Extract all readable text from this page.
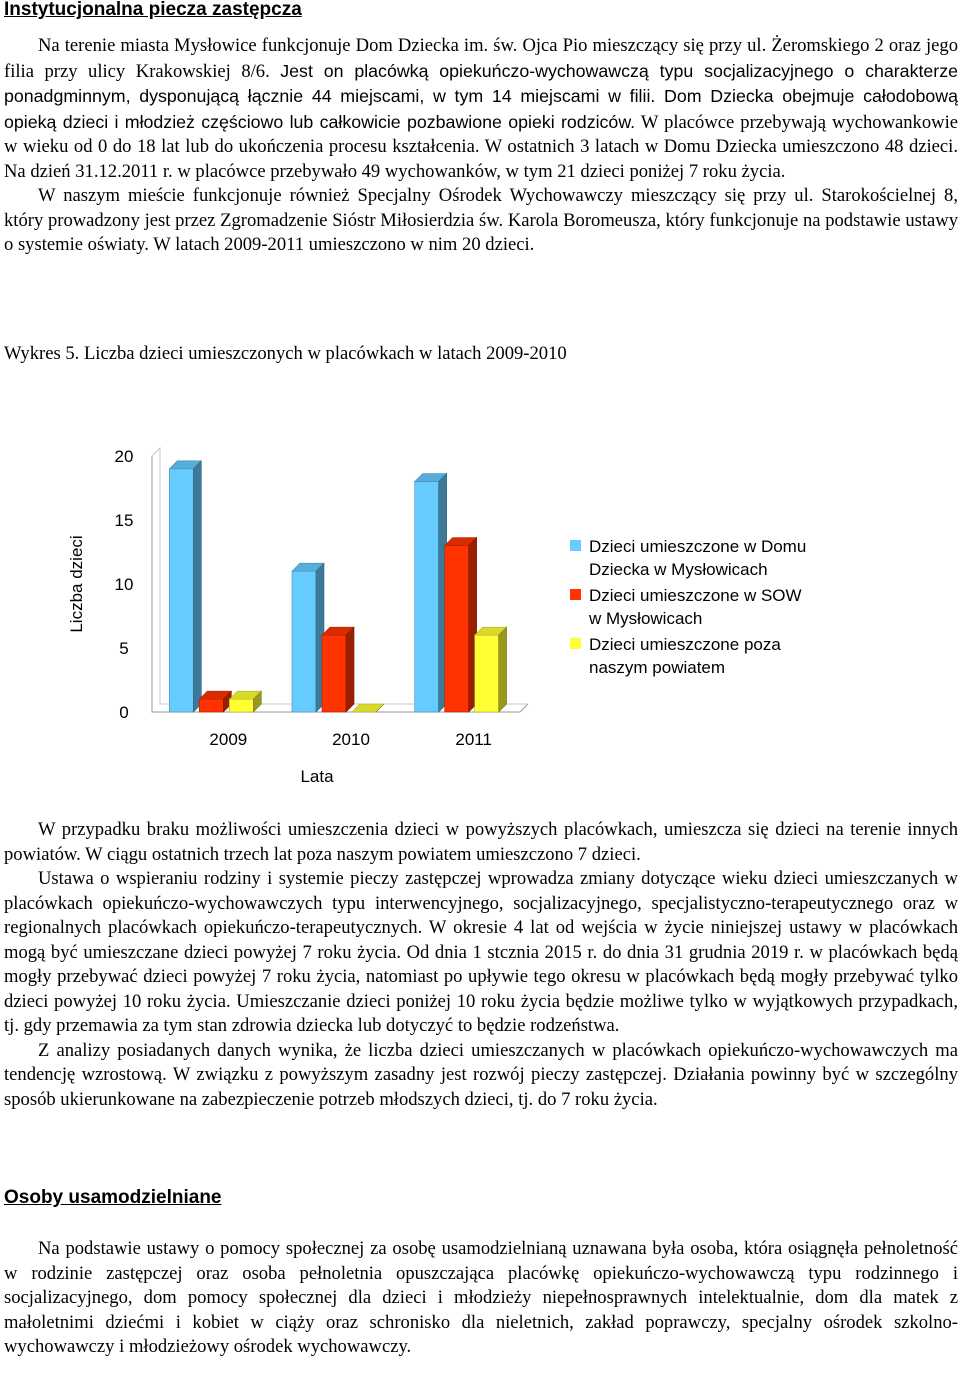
Instytucjonalna piecza zastępcza

Na terenie miasta Mysłowice funkcjonuje Dom Dziecka im. św. Ojca Pio mieszczący się przy ul. Żeromskiego 2 oraz jego filia przy ulicy Krakowskiej 8/6. Jest on placówką opiekuńczo-wychowawczą typu socjalizacyjnego o charakterze ponadgminnym, dysponującą łącznie 44 miejscami, w tym 14 miejscami w filii. Dom Dziecka obejmuje całodobową opieką dzieci i młodzież częściowo lub całkowicie pozbawione opieki rodziców. W placówce przebywają wychowankowie w wieku od 0 do 18 lat lub do ukończenia procesu kształcenia. W ostatnich 3 latach w Domu Dziecka umieszczono 48 dzieci. Na dzień 31.12.2011 r. w placówce przebywało 49 wychowanków, w tym 21 dzieci poniżej 7 roku życia.

W naszym mieście funkcjonuje również Specjalny Ośrodek Wychowawczy mieszczący się przy ul. Starokościelnej 8, który prowadzony jest przez Zgromadzenie Sióstr Miłosierdzia św. Karola Boromeusza, który funkcjonuje na podstawie ustawy o systemie oświaty. W latach 2009-2011 umieszczono w nim 20 dzieci.

Wykres 5. Liczba dzieci umieszczonych w placówkach w latach 2009-2010

0
5
10
15
20
2009	2010	2011
Liczba dzieci
Lata
Dzieci umieszczone w Domu
Dziecka w Mysłowicach
Dzieci umieszczone w SOW
w Mysłowicach
Dzieci umieszczone poza
naszym powiatem

W przypadku braku możliwości umieszczenia dzieci w powyższych placówkach, umieszcza się dzieci na terenie innych powiatów. W ciągu ostatnich trzech lat poza naszym powiatem umieszczono 7 dzieci.

Ustawa o wspieraniu rodziny i systemie pieczy zastępczej wprowadza zmiany dotyczące wieku dzieci umieszczanych w placówkach opiekuńczo-wychowawczych typu interwencyjnego, socjalizacyjnego, specjalistyczno-terapeutycznego oraz w regionalnych placówkach opiekuńczo-terapeutycznych. W okresie 4 lat od wejścia w życie niniejszej ustawy w placówkach mogą być umieszczane dzieci powyżej 7 roku życia. Od dnia 1 stcznia 2015 r. do dnia 31 grudnia 2019 r. w placówkach będą mogły przebywać dzieci powyżej 7 roku życia, natomiast po upływie tego okresu w placówkach będą mogły przebywać tylko dzieci powyżej 10 roku życia. Umieszczanie dzieci poniżej 10 roku życia będzie możliwe tylko w wyjątkowych przypadkach, tj. gdy przemawia za tym stan zdrowia dziecka lub dotyczyć to będzie rodzeństwa.

Z analizy posiadanych danych wynika, że liczba dzieci umieszczanych w placówkach opiekuńczo-wychowawczych ma tendencję wzrostową. W związku z powyższym zasadny jest rozwój pieczy zastępczej. Działania powinny być w szczególny sposób ukierunkowane na zabezpieczenie potrzeb młodszych dzieci, tj. do 7 roku życia.

Osoby usamodzielniane

Na podstawie ustawy o pomocy społecznej za osobę usamodzielnianą uznawana była osoba, która osiągnęła pełnoletność w rodzinie zastępczej oraz osoba pełnoletnia opuszczająca placówkę opiekuńczo-wychowawczą typu rodzinnego i socjalizacyjnego, dom pomocy społecznej dla dzieci i młodzieży niepełnosprawnych intelektualnie, dom dla matek z małoletnimi dziećmi i kobiet w ciąży oraz schronisko dla nieletnich, zakład poprawczy, specjalny ośrodek szkolno-wychowawczy i młodzieżowy ośrodek wychowawczy.
